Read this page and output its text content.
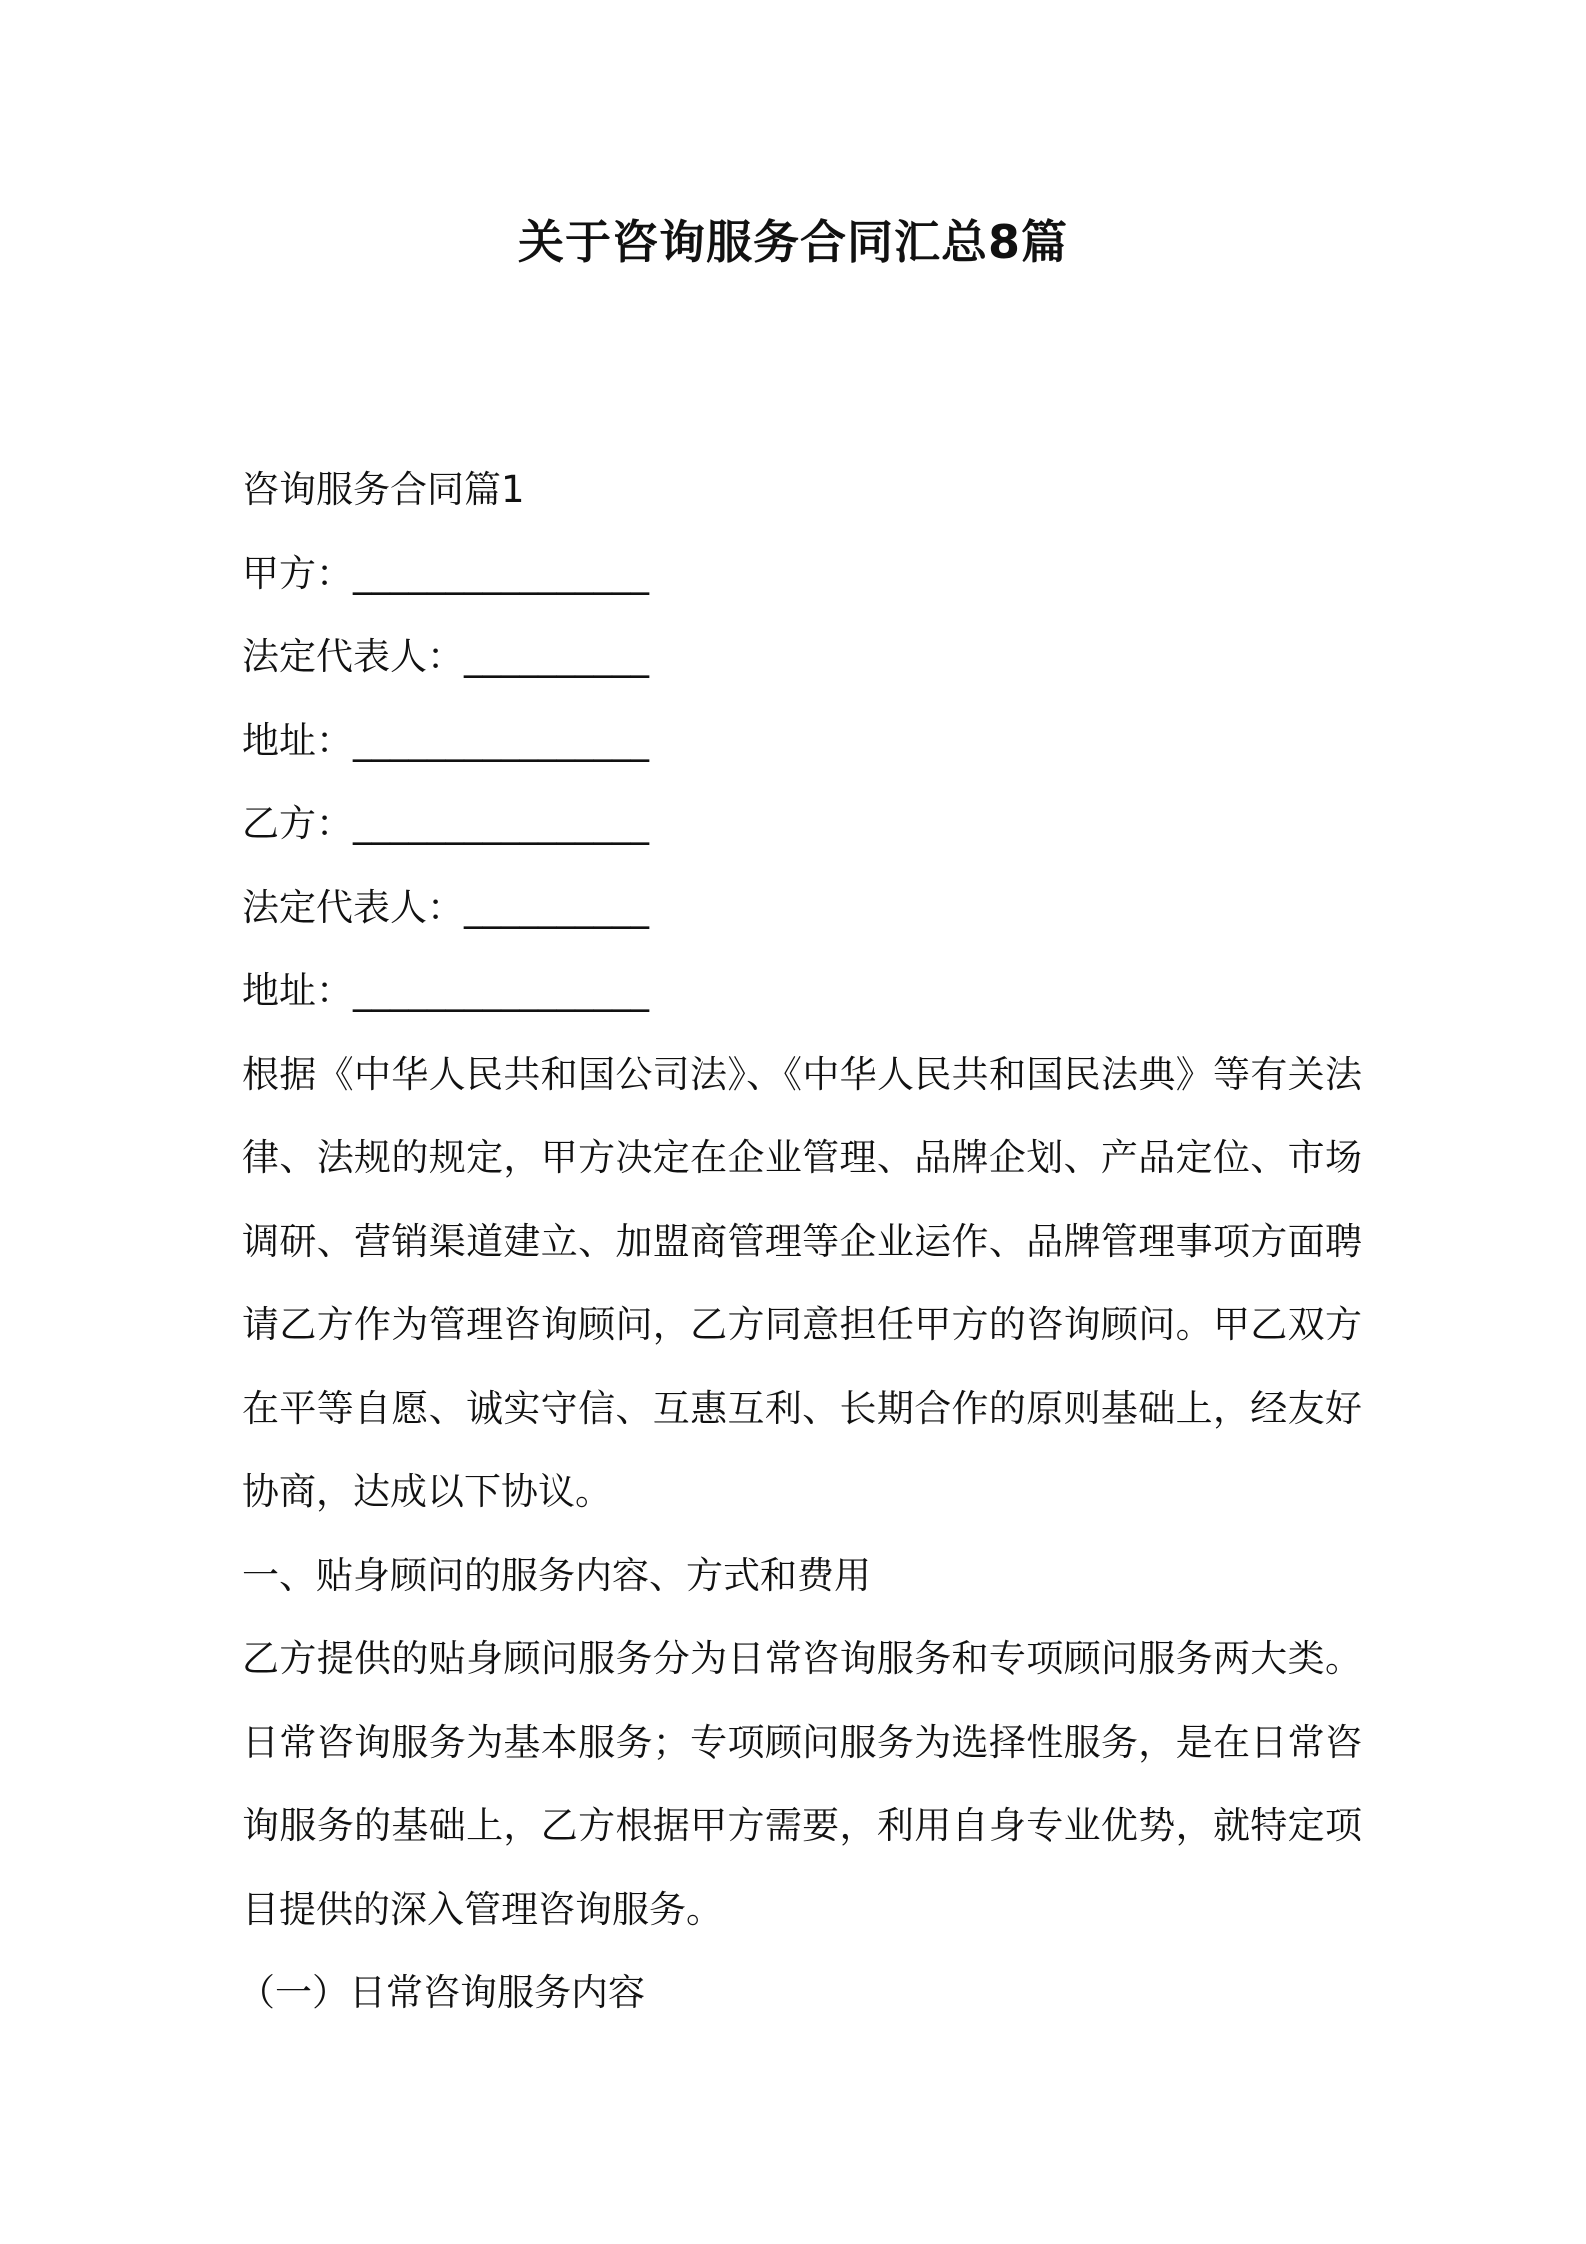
关于咨询服务合同汇总8篇
咨询服务合同篇1
甲方：________________
法定代表人：__________
地址：________________
乙方：________________
法定代表人：__________
地址：________________

根据《中华人民共和国公司法》、《中华人民共和国民法典》等有关法律、法规的规定，甲方决定在企业管理、品牌企划、产品定位、市场调研、营销渠道建立、加盟商管理等企业运作、品牌管理事项方面聘请乙方作为管理咨询顾问，乙方同意担任甲方的咨询顾问。甲乙双方在平等自愿、诚实守信、互惠互利、长期合作的原则基础上，经友好协商，达成以下协议。

一、贴身顾问的服务内容、方式和费用

乙方提供的贴身顾问服务分为日常咨询服务和专项顾问服务两大类。日常咨询服务为基本服务；专项顾问服务为选择性服务，是在日常咨询服务的基础上，乙方根据甲方需要，利用自身专业优势，就特定项目提供的深入管理咨询服务。

（一）日常咨询服务内容
